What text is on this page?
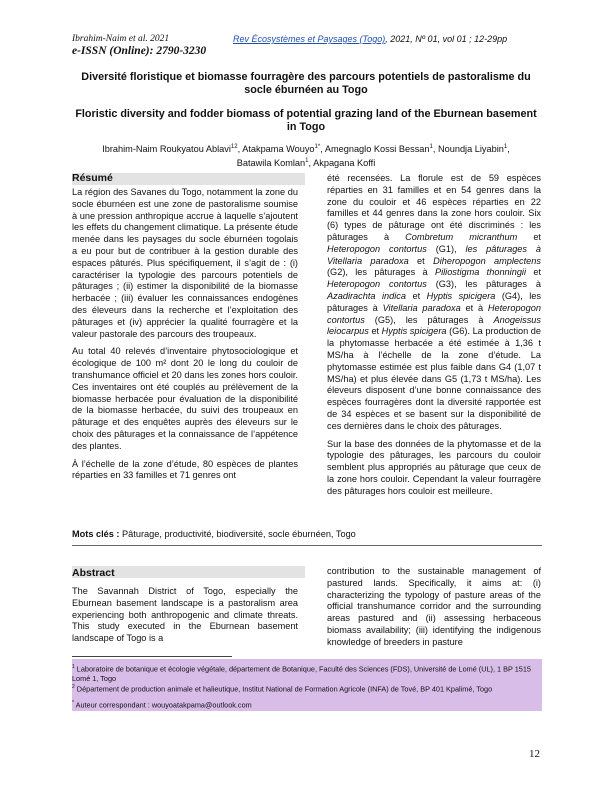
Ibrahim-Naim et al. 2021
e-ISSN (Online): 2790-3230
Rev Écosystèmes et Paysages (Togo), 2021, Nº 01, vol 01 ; 12-29pp
Diversité floristique et biomasse fourragère des parcours potentiels de pastoralisme du socle éburnéen au Togo
Floristic diversity and fodder biomass of potential grazing land of the Eburnean basement in Togo
Ibrahim-Naim Roukyatou Ablavi$^{12}$, Atakpama Wouyo$^{1*}$, Amegnaglo Kossi Bessan$^1$, Noundja Liyabin$^1$,
Batawila Komlan$^1$, Akpagana Koffi
Résumé

La région des Savanes du Togo, notamment la zone du socle éburnéen est une zone de pastoralisme soumise à une pression anthropique accrue à laquelle s’ajoutent les effets du changement climatique. La présente étude menée dans les paysages du socle éburnéen togolais a eu pour but de contribuer à la gestion durable des espaces pâturés. Plus spécifiquement, il s’agit de : (i) caractériser la typologie des parcours potentiels de pâturages ; (ii) estimer la disponibilité de la biomasse herbacée ; (iii) évaluer les connaissances endogènes des éleveurs dans la recherche et l’exploitation des pâturages et (iv) apprécier la qualité fourragère et la valeur pastorale des parcours des troupeaux.

Au total 40 relevés d’inventaire phytosociologique et écologique de 100 m² dont 20 le long du couloir de transhumance officiel et 20 dans les zones hors couloir. Ces inventaires ont été couplés au prélèvement de la biomasse herbacée pour évaluation de la disponibilité de la biomasse herbacée, du suivi des troupeaux en pâturage et des enquêtes auprès des éleveurs sur le choix des pâturages et la connaissance de l’appétence des plantes.

À l’échelle de la zone d’étude, 80 espèces de plantes réparties en 33 familles et 71 genres ont

été recensées. La florule est de 59 espèces réparties en 31 familles et en 54 genres dans la zone du couloir et 46 espèces réparties en 22 familles et 44 genres dans la zone hors couloir. Six (6) types de pâturage ont été discriminés : les pâturages à Combretum micranthum et Heteropogon contortus (G1), les pâturages à Vitellaria paradoxa et Diheropogon amplectens (G2), les pâturages à Piliostigma thonningii et Heteropogon contortus (G3), les pâturages à Azadirachta indica et Hyptis spicigera (G4), les pâturages à Vitellaria paradoxa et à Heteropogon contortus (G5), les pâturages à Anogeissus leiocarpus et Hyptis spicigera (G6). La production de la phytomasse herbacée a été estimée à 1,36 t MS/ha à l’échelle de la zone d’étude. La phytomasse estimée est plus faible dans G4 (1,07 t MS/ha) et plus élevée dans G5 (1,73 t MS/ha). Les éleveurs disposent d’une bonne connaissance des espèces fourragères dont la diversité rapportée est de 34 espèces et se basent sur la disponibilité de ces dernières dans le choix des pâturages.

Sur la base des données de la phytomasse et de la typologie des pâturages, les parcours du couloir semblent plus appropriés au pâturage que ceux de la zone hors couloir. Cependant la valeur fourragère des pâturages hors couloir est meilleure.

Mots clés : Pâturage, productivité, biodiversité, socle éburnéen, Togo
Abstract

The Savannah District of Togo, especially the Eburnean basement landscape is a pastoralism area experiencing both anthropogenic and climate threats. This study executed in the Eburnean basement landscape of Togo is a

contribution to the sustainable management of pastured lands. Specifically, it aims at: (i) characterizing the typology of pasture areas of the official transhumance corridor and the surrounding areas pastured and (ii) assessing herbaceous biomass availability; (iii) identifying the indigenous knowledge of breeders in pasture

$^1$ Laboratoire de botanique et écologie végétale, département de Botanique, Faculté des Sciences (FDS), Université de Lomé (UL), 1 BP 1515 Lomé 1, Togo
$^2$ Département de production animale et halieutique, Institut National de Formation Agricole (INFA) de Tové, BP 401 Kpalimé, Togo
* Auteur correspondant : wouyoatakpama@outlook.com
12
